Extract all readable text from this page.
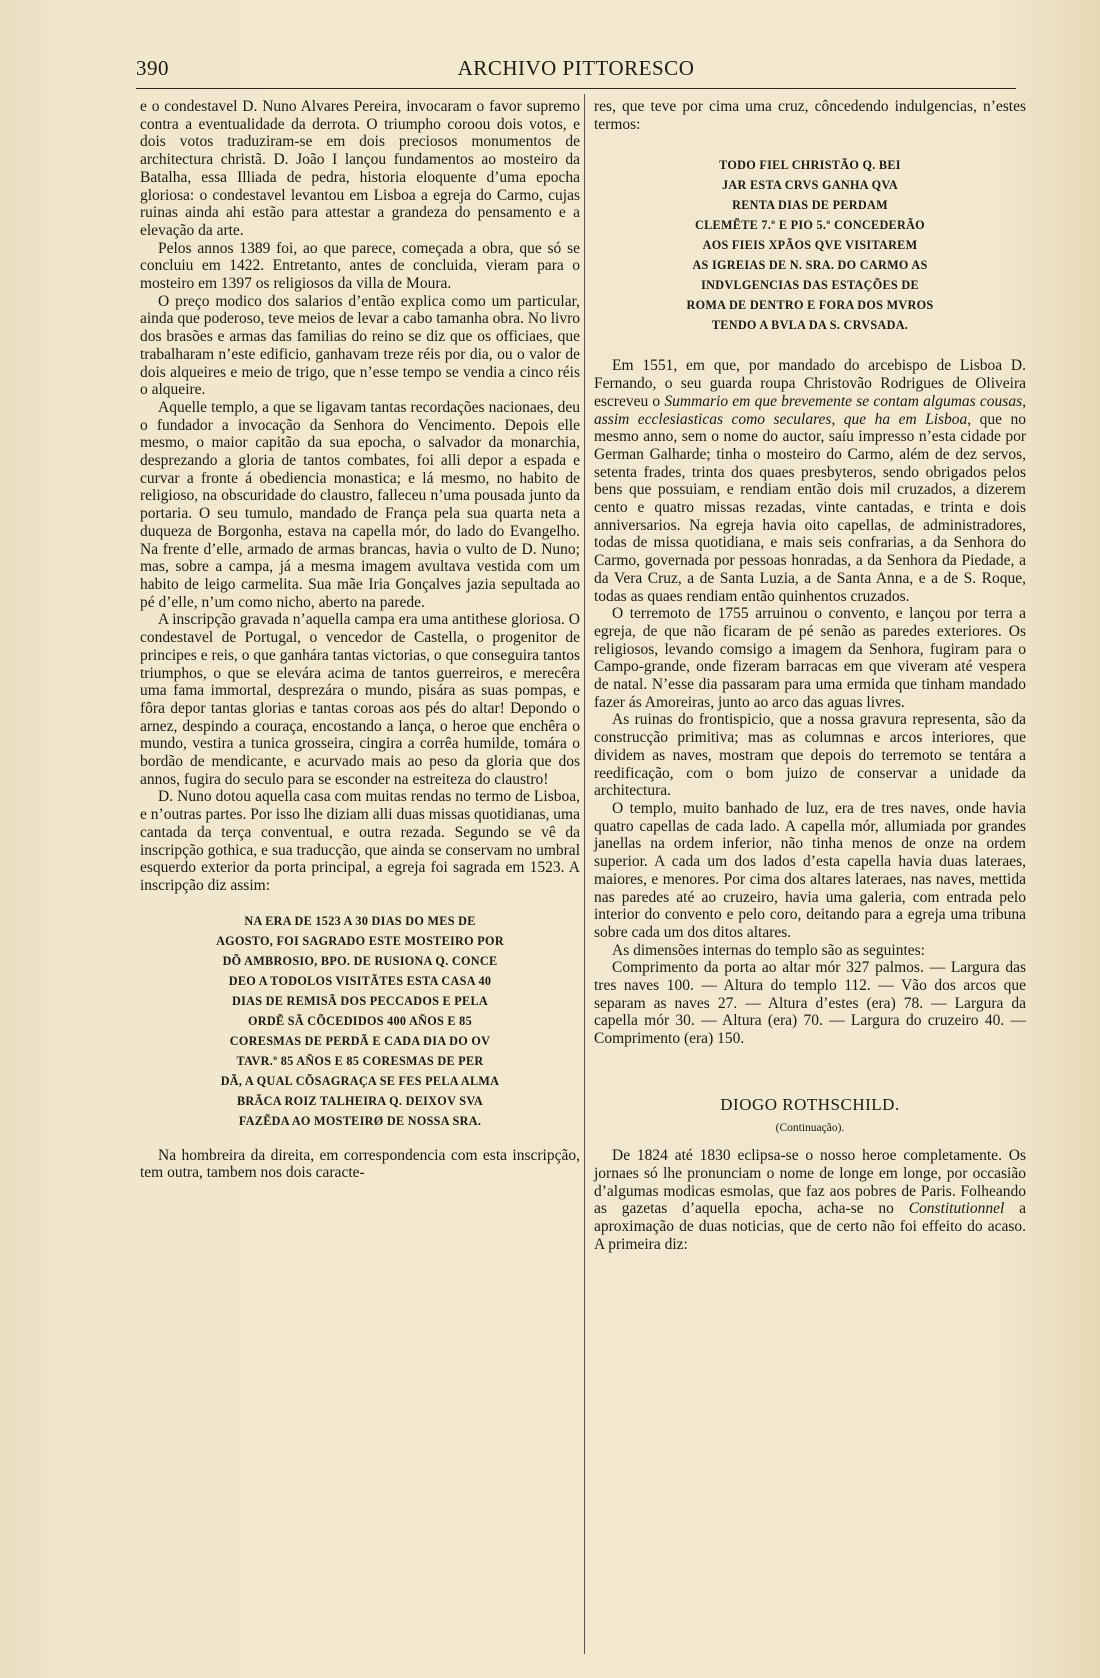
390	ARCHIVO PITTORESCO

e o condestavel D. Nuno Alvares Pereira, invocaram o favor supremo contra a eventualidade da derrota. O triumpho coroou dois votos, e dois votos traduziram-se em dois preciosos monumentos de architectura christã. D. João I lançou fundamentos ao mosteiro da Batalha, essa Illiada de pedra, historia eloquente d’uma epocha gloriosa: o condestavel levantou em Lisboa a egreja do Carmo, cujas ruinas ainda ahi estão para attestar a grandeza do pensamento e a elevação da arte.

Pelos annos 1389 foi, ao que parece, começada a obra, que só se concluiu em 1422. Entretanto, antes de concluida, vieram para o mosteiro em 1397 os religiosos da villa de Moura.

O preço modico dos salarios d’então explica como um particular, ainda que poderoso, teve meios de levar a cabo tamanha obra. No livro dos brasões e armas das familias do reino se diz que os officiaes, que trabalharam n’este edificio, ganhavam treze réis por dia, ou o valor de dois alqueires e meio de trigo, que n’esse tempo se vendia a cinco réis o alqueire.

Aquelle templo, a que se ligavam tantas recordações nacionaes, deu o fundador a invocação da Senhora do Vencimento. Depois elle mesmo, o maior capitão da sua epocha, o salvador da monarchia, desprezando a gloria de tantos combates, foi alli depor a espada e curvar a fronte á obediencia monastica; e lá mesmo, no habito de religioso, na obscuridade do claustro, falleceu n’uma pousada junto da portaria. O seu tumulo, mandado de França pela sua quarta neta a duqueza de Borgonha, estava na capella mór, do lado do Evangelho. Na frente d’elle, armado de armas brancas, havia o vulto de D. Nuno; mas, sobre a campa, já a mesma imagem avultava vestida com um habito de leigo carmelita. Sua mãe Iria Gonçalves jazia sepultada ao pé d’elle, n’um como nicho, aberto na parede.

A inscripção gravada n’aquella campa era uma antithese gloriosa. O condestavel de Portugal, o vencedor de Castella, o progenitor de principes e reis, o que ganhára tantas victorias, o que conseguira tantos triumphos, o que se elevára acima de tantos guerreiros, e merecêra uma fama immortal, desprezára o mundo, pisára as suas pompas, e fôra depor tantas glorias e tantas coroas aos pés do altar! Depondo o arnez, despindo a couraça, encostando a lança, o heroe que enchêra o mundo, vestira a tunica grosseira, cingira a corrêa humilde, tomára o bordão de mendicante, e acurvado mais ao peso da gloria que dos annos, fugira do seculo para se esconder na estreiteza do claustro!

D. Nuno dotou aquella casa com muitas rendas no termo de Lisboa, e n’outras partes. Por isso lhe diziam alli duas missas quotidianas, uma cantada da terça conventual, e outra rezada. Segundo se vê da inscripção gothica, e sua traducção, que ainda se conservam no umbral esquerdo exterior da porta principal, a egreja foi sagrada em 1523. A inscripção diz assim:

NA ERA DE 1523 A 30 DIAS DO MES DE
AGOSTO, FOI SAGRADO ESTE MOSTEIRO POR
DÕ AMBROSIO, BPO. DE RUSIONA Q. CONCE
DEO A TODOLOS VISITÃTES ESTA CASA 40
DIAS DE REMISÃ DOS PECCADOS E PELA
ORDẼ SÃ CÕCEDIDOS 400 AÑOS E 85
CORESMAS DE PERDÃ E CADA DIA DO OV
TAVR.º 85 AÑOS E 85 CORESMAS DE PER
DÃ, A QUAL CÕSAGRAÇA SE FES PELA ALMA
BRÃCA ROIZ TALHEIRA Q. DEIXOV SVA
FAZẼDA AO MOSTEIRØ DE NOSSA SRA.

Na hombreira da direita, em correspondencia com esta inscripção, tem outra, tambem nos dois caracte-

res, que teve por cima uma cruz, côncedendo indulgencias, n’estes termos:

TODO FIEL CHRISTÃO Q. BEI
JAR ESTA CRVS GANHA QVA
RENTA DIAS DE PERDAM
CLEMẼTE 7.º E PIO 5.º CONCEDERÃO
AOS FIEIS XPÃOS QVE VISITAREM
AS IGREIAS DE N. SRA. DO CARMO AS
INDVLGENCIAS DAS ESTAÇÕES DE
ROMA DE DENTRO E FORA DOS MVROS
TENDO A BVLA DA S. CRVSADA.

Em 1551, em que, por mandado do arcebispo de Lisboa D. Fernando, o seu guarda roupa Christovão Rodrigues de Oliveira escreveu o Summario em que brevemente se contam algumas cousas, assim ecclesiasticas como seculares, que ha em Lisboa, que no mesmo anno, sem o nome do auctor, saíu impresso n’esta cidade por German Galharde; tinha o mosteiro do Carmo, além de dez servos, setenta frades, trinta dos quaes presbyteros, sendo obrigados pelos bens que possuiam, e rendiam então dois mil cruzados, a dizerem cento e quatro missas rezadas, vinte cantadas, e trinta e dois anniversarios. Na egreja havia oito capellas, de administradores, todas de missa quotidiana, e mais seis confrarias, a da Senhora do Carmo, governada por pessoas honradas, a da Senhora da Piedade, a da Vera Cruz, a de Santa Luzia, a de Santa Anna, e a de S. Roque, todas as quaes rendiam então quinhentos cruzados.

O terremoto de 1755 arruinou o convento, e lançou por terra a egreja, de que não ficaram de pé senão as paredes exteriores. Os religiosos, levando comsigo a imagem da Senhora, fugiram para o Campo-grande, onde fizeram barracas em que viveram até vespera de natal. N’esse dia passaram para uma ermida que tinham mandado fazer ás Amoreiras, junto ao arco das aguas livres.

As ruinas do frontispicio, que a nossa gravura representa, são da construcção primitiva; mas as columnas e arcos interiores, que dividem as naves, mostram que depois do terremoto se tentára a reedificação, com o bom juizo de conservar a unidade da architectura.

O templo, muito banhado de luz, era de tres naves, onde havia quatro capellas de cada lado. A capella mór, allumiada por grandes janellas na ordem inferior, não tinha menos de onze na ordem superior. A cada um dos lados d’esta capella havia duas lateraes, maiores, e menores. Por cima dos altares lateraes, nas naves, mettida nas paredes até ao cruzeiro, havia uma galeria, com entrada pelo interior do convento e pelo coro, deitando para a egreja uma tribuna sobre cada um dos ditos altares.

As dimensões internas do templo são as seguintes:

Comprimento da porta ao altar mór 327 palmos. — Largura das tres naves 100. — Altura do templo 112. — Vão dos arcos que separam as naves 27. — Altura d’estes (era) 78. — Largura da capella mór 30. — Altura (era) 70. — Largura do cruzeiro 40. — Comprimento (era) 150.

DIOGO ROTHSCHILD.
(Continuação).

De 1824 até 1830 eclipsa-se o nosso heroe completamente. Os jornaes só lhe pronunciam o nome de longe em longe, por occasião d’algumas modicas esmolas, que faz aos pobres de Paris. Folheando as gazetas d’aquella epocha, acha-se no Constitutionnel a aproximação de duas noticias, que de certo não foi effeito do acaso. A primeira diz:
